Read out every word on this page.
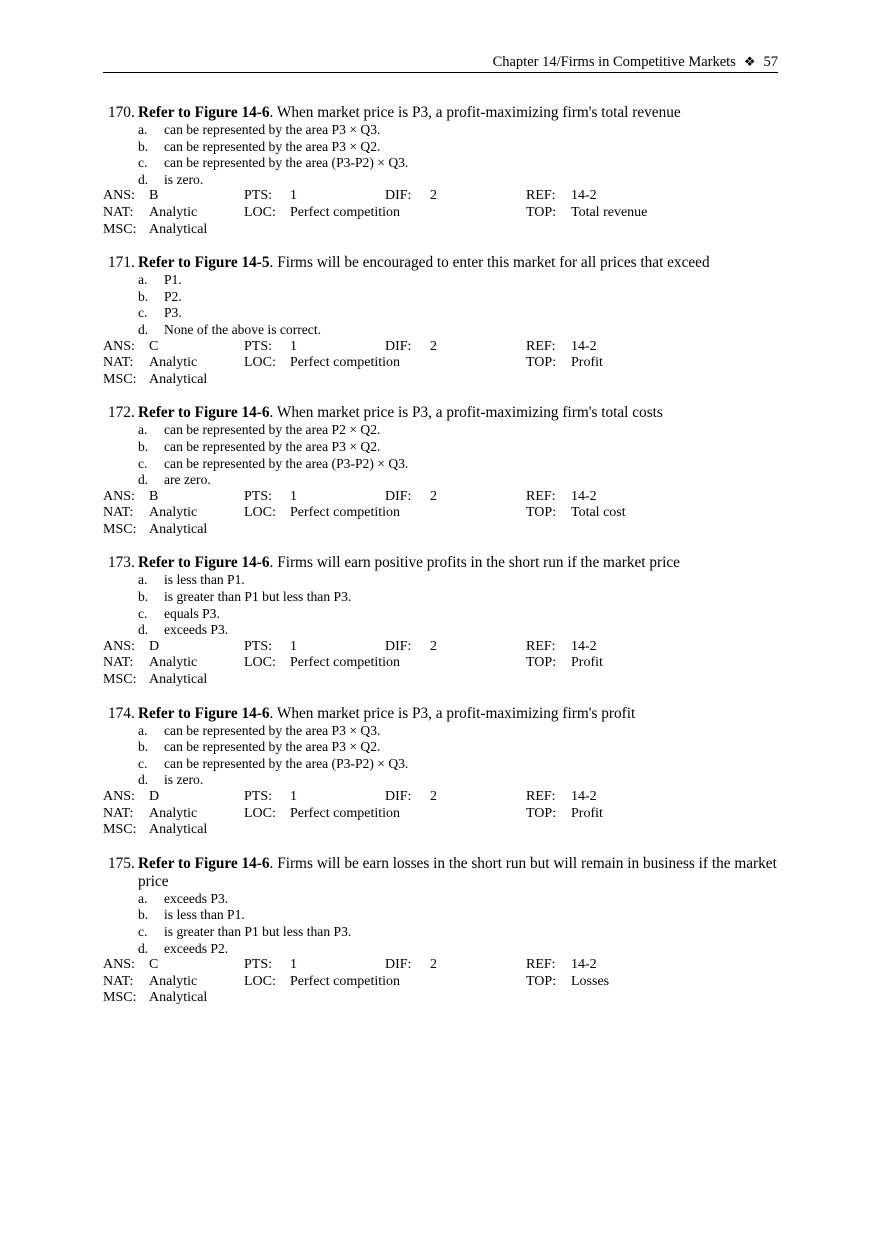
Chapter 14/Firms in Competitive Markets ❖ 57
170. Refer to Figure 14-6. When market price is P3, a profit-maximizing firm's total revenue
a.	can be represented by the area P3 × Q3.
b.	can be represented by the area P3 × Q2.
c.	can be represented by the area (P3-P2) × Q3.
d.	is zero.
ANS: B	PTS: 1	DIF: 2	REF: 14-2
NAT: Analytic	LOC: Perfect competition	TOP: Total revenue
MSC: Analytical
171. Refer to Figure 14-5. Firms will be encouraged to enter this market for all prices that exceed
a.	P1.
b.	P2.
c.	P3.
d.	None of the above is correct.
ANS: C	PTS: 1	DIF: 2	REF: 14-2
NAT: Analytic	LOC: Perfect competition	TOP: Profit
MSC: Analytical
172. Refer to Figure 14-6. When market price is P3, a profit-maximizing firm's total costs
a.	can be represented by the area P2 × Q2.
b.	can be represented by the area P3 × Q2.
c.	can be represented by the area (P3-P2) × Q3.
d.	are zero.
ANS: B	PTS: 1	DIF: 2	REF: 14-2
NAT: Analytic	LOC: Perfect competition	TOP: Total cost
MSC: Analytical
173. Refer to Figure 14-6. Firms will earn positive profits in the short run if the market price
a.	is less than P1.
b.	is greater than P1 but less than P3.
c.	equals P3.
d.	exceeds P3.
ANS: D	PTS: 1	DIF: 2	REF: 14-2
NAT: Analytic	LOC: Perfect competition	TOP: Profit
MSC: Analytical
174. Refer to Figure 14-6. When market price is P3, a profit-maximizing firm's profit
a.	can be represented by the area P3 × Q3.
b.	can be represented by the area P3 × Q2.
c.	can be represented by the area (P3-P2) × Q3.
d.	is zero.
ANS: D	PTS: 1	DIF: 2	REF: 14-2
NAT: Analytic	LOC: Perfect competition	TOP: Profit
MSC: Analytical
175. Refer to Figure 14-6. Firms will be earn losses in the short run but will remain in business if the market price
a.	exceeds P3.
b.	is less than P1.
c.	is greater than P1 but less than P3.
d.	exceeds P2.
ANS: C	PTS: 1	DIF: 2	REF: 14-2
NAT: Analytic	LOC: Perfect competition	TOP: Losses
MSC: Analytical
